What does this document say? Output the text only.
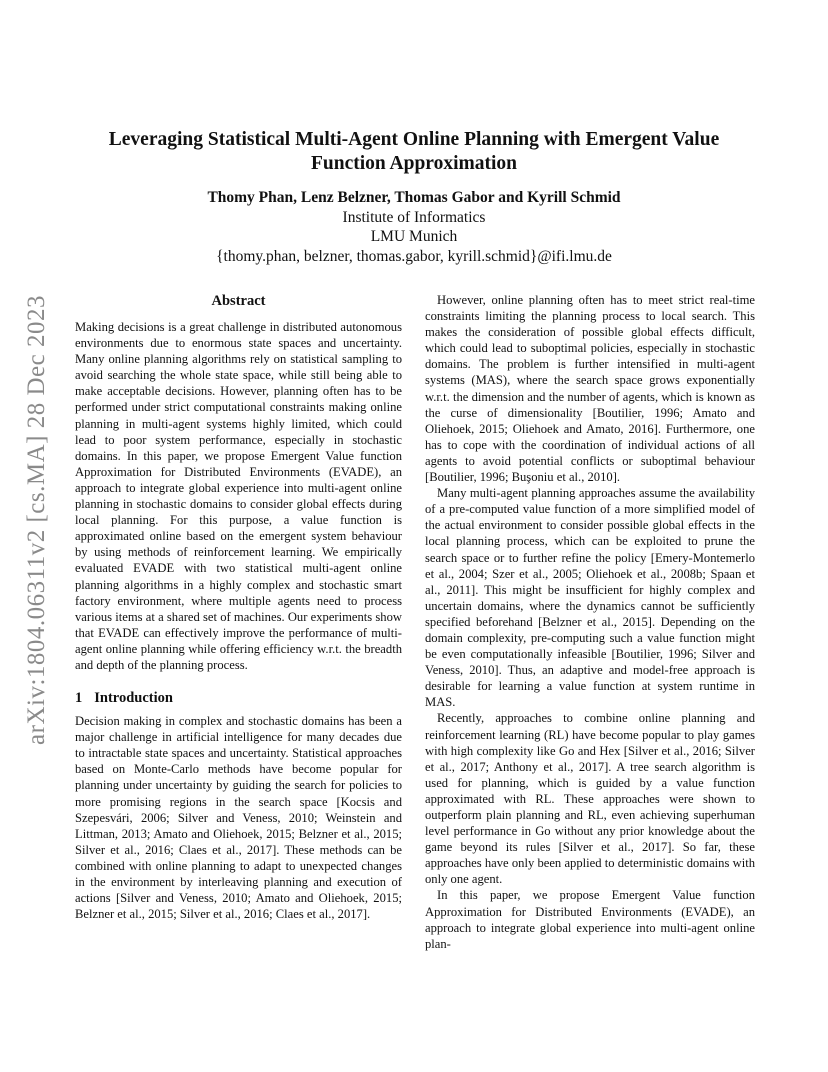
arXiv:1804.06311v2 [cs.MA] 28 Dec 2023
Leveraging Statistical Multi-Agent Online Planning with Emergent Value Function Approximation
Thomy Phan, Lenz Belzner, Thomas Gabor and Kyrill Schmid
Institute of Informatics
LMU Munich
{thomy.phan, belzner, thomas.gabor, kyrill.schmid}@ifi.lmu.de
Abstract

Making decisions is a great challenge in distributed autonomous environments due to enormous state spaces and uncertainty. Many online planning algorithms rely on statistical sampling to avoid searching the whole state space, while still being able to make acceptable decisions. However, planning often has to be performed under strict computational constraints making online planning in multi-agent systems highly limited, which could lead to poor system performance, especially in stochastic domains. In this paper, we propose Emergent Value function Approximation for Distributed Environments (EVADE), an approach to integrate global experience into multi-agent online planning in stochastic domains to consider global effects during local planning. For this purpose, a value function is approximated online based on the emergent system behaviour by using methods of reinforcement learning. We empirically evaluated EVADE with two statistical multi-agent online planning algorithms in a highly complex and stochastic smart factory environment, where multiple agents need to process various items at a shared set of machines. Our experiments show that EVADE can effectively improve the performance of multi-agent online planning while offering efficiency w.r.t. the breadth and depth of the planning process.

1 Introduction

Decision making in complex and stochastic domains has been a major challenge in artificial intelligence for many decades due to intractable state spaces and uncertainty. Statistical approaches based on Monte-Carlo methods have become popular for planning under uncertainty by guiding the search for policies to more promising regions in the search space [Kocsis and Szepesvári, 2006; Silver and Veness, 2010; Weinstein and Littman, 2013; Amato and Oliehoek, 2015; Belzner et al., 2015; Silver et al., 2016; Claes et al., 2017]. These methods can be combined with online planning to adapt to unexpected changes in the environment by interleaving planning and execution of actions [Silver and Veness, 2010; Amato and Oliehoek, 2015; Belzner et al., 2015; Silver et al., 2016; Claes et al., 2017].

However, online planning often has to meet strict real-time constraints limiting the planning process to local search. This makes the consideration of possible global effects difficult, which could lead to suboptimal policies, especially in stochastic domains. The problem is further intensified in multi-agent systems (MAS), where the search space grows exponentially w.r.t. the dimension and the number of agents, which is known as the curse of dimensionality [Boutilier, 1996; Amato and Oliehoek, 2015; Oliehoek and Amato, 2016]. Furthermore, one has to cope with the coordination of individual actions of all agents to avoid potential conflicts or suboptimal behaviour [Boutilier, 1996; Buşoniu et al., 2010].

Many multi-agent planning approaches assume the availability of a pre-computed value function of a more simplified model of the actual environment to consider possible global effects in the local planning process, which can be exploited to prune the search space or to further refine the policy [Emery-Montemerlo et al., 2004; Szer et al., 2005; Oliehoek et al., 2008b; Spaan et al., 2011]. This might be insufficient for highly complex and uncertain domains, where the dynamics cannot be sufficiently specified beforehand [Belzner et al., 2015]. Depending on the domain complexity, pre-computing such a value function might be even computationally infeasible [Boutilier, 1996; Silver and Veness, 2010]. Thus, an adaptive and model-free approach is desirable for learning a value function at system runtime in MAS.

Recently, approaches to combine online planning and reinforcement learning (RL) have become popular to play games with high complexity like Go and Hex [Silver et al., 2016; Silver et al., 2017; Anthony et al., 2017]. A tree search algorithm is used for planning, which is guided by a value function approximated with RL. These approaches were shown to outperform plain planning and RL, even achieving superhuman level performance in Go without any prior knowledge about the game beyond its rules [Silver et al., 2017]. So far, these approaches have only been applied to deterministic domains with only one agent.

In this paper, we propose Emergent Value function Approximation for Distributed Environments (EVADE), an approach to integrate global experience into multi-agent online plan-
